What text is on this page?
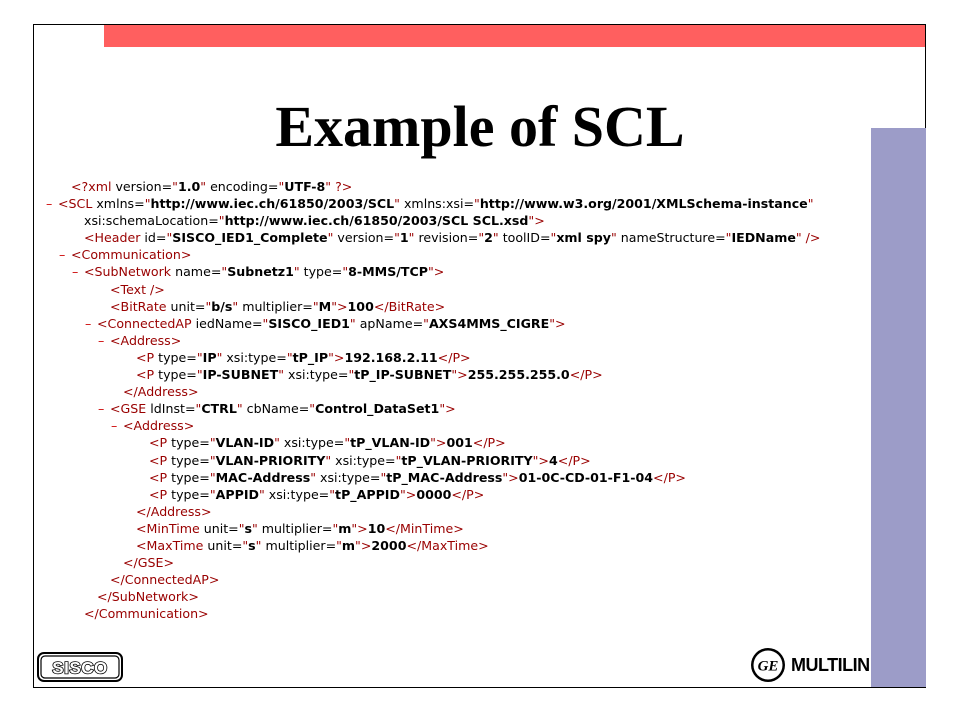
Example of SCL
<?xml version="1.0" encoding="UTF-8" ?>
– <SCL xmlns="http://www.iec.ch/61850/2003/SCL" xmlns:xsi="http://www.w3.org/2001/XMLSchema-instance"
xsi:schemaLocation="http://www.iec.ch/61850/2003/SCL SCL.xsd">
<Header id="SISCO_IED1_Complete" version="1" revision="2" toolID="xml spy" nameStructure="IEDName" />
– <Communication>
– <SubNetwork name="Subnetz1" type="8-MMS/TCP">
<Text />
<BitRate unit="b/s" multiplier="M">100</BitRate>
– <ConnectedAP iedName="SISCO_IED1" apName="AXS4MMS_CIGRE">
– <Address>
<P type="IP" xsi:type="tP_IP">192.168.2.11</P>
<P type="IP-SUBNET" xsi:type="tP_IP-SUBNET">255.255.255.0</P>
</Address>
– <GSE ldInst="CTRL" cbName="Control_DataSet1">
– <Address>
<P type="VLAN-ID" xsi:type="tP_VLAN-ID">001</P>
<P type="VLAN-PRIORITY" xsi:type="tP_VLAN-PRIORITY">4</P>
<P type="MAC-Address" xsi:type="tP_MAC-Address">01-0C-CD-01-F1-04</P>
<P type="APPID" xsi:type="tP_APPID">0000</P>
</Address>
<MinTime unit="s" multiplier="m">10</MinTime>
<MaxTime unit="s" multiplier="m">2000</MaxTime>
</GSE>
</ConnectedAP>
</SubNetwork>
</Communication>
SISCO	GE MULTILIN
